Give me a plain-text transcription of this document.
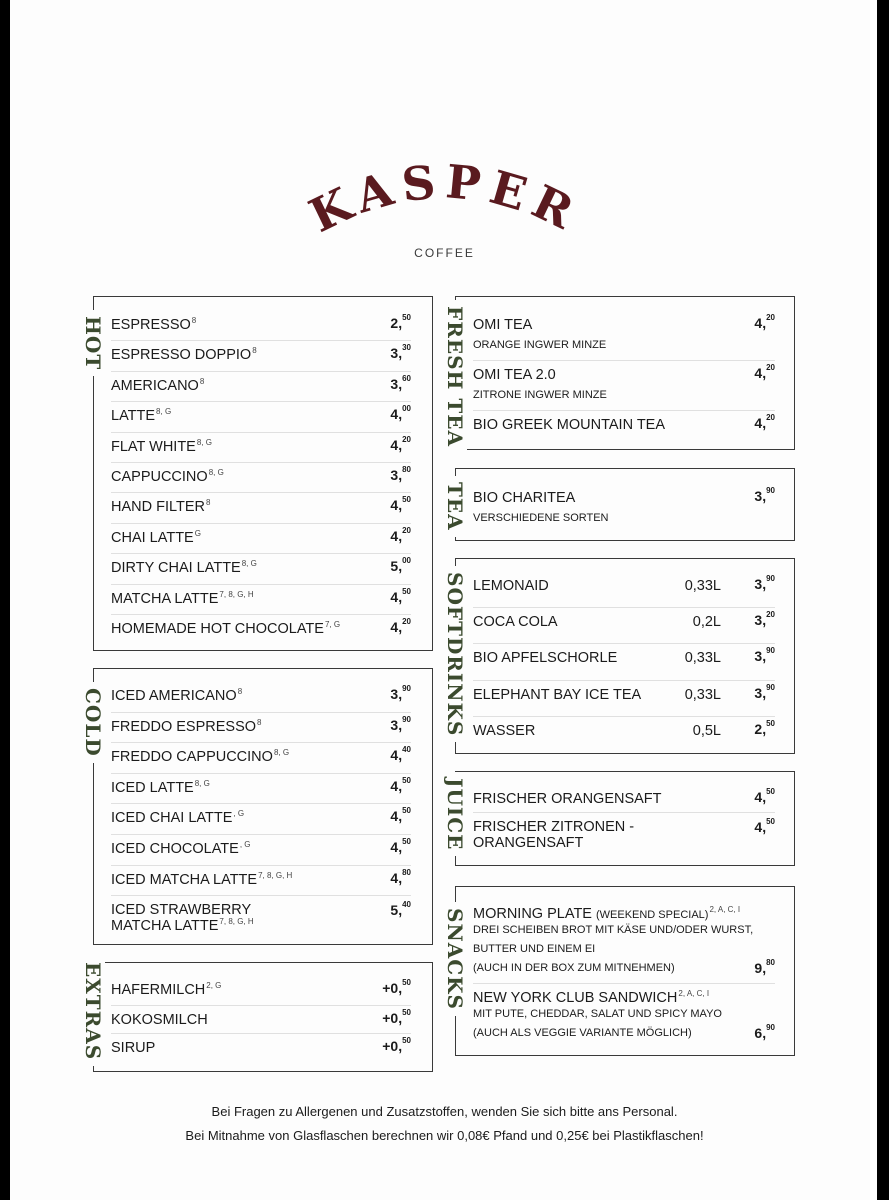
KASPER
COFFEE
HOT
COLD
EXTRAS
FRESH TEA
TEA
SOFTDRINKS
JUICE
SNACKS
ESPRESSO$^8$	2,50
ESPRESSO DOPPIO$^8$	3,30
AMERICANO$^8$	3,60
$LATTE^{8, G}$	4,00
FLAT $WHITE^{8, G}$	4,20
$CAPPUCCINO^{8, G}$	3,80
HAND FILTER$^8$	4,50
CHAI $LATTE^G$	4,20
DIRTY CHAI $LATTE^{8, G}$	5,00
MATCHA $LATTE^{7, 8, G, H}$	4,50
HOMEMADE HOT $CHOCOLATE^{7, G}$	4,20
ICED AMERICANO$^8$	3,90
FREDDO ESPRESSO$^8$	3,90
FREDDO $CAPPUCCINO^{8, G}$	4,40
ICED $LATTE^{8, G}$	4,50
ICED CHAI $LATTE^{, G}$	4,50
ICED $CHOCOLATE^{, G}$	4,50
ICED MATCHA $LATTE^{7, 8, G, H}$	4,80
ICED STRAWBERRY
MATCHA $LATTE^{7, 8, G, H}$
5,40
$HAFERMILCH^{2, G}$	+0,50
KOKOSMILCH	+0,50
SIRUP	+0,50
OMI TEA
ORANGE INGWER MINZE
4,20
OMI TEA 2.0
ZITRONE INGWER MINZE
4,20
BIO GREEK MOUNTAIN TEA	4,20
BIO CHARITEA
VERSCHIEDENE SORTEN
3,90
LEMONAID	0,33L 3,90
COCA COLA	0,2L 3,20
BIO APFELSCHORLE	0,33L 3,90
ELEPHANT BAY ICE TEA	0,33L 3,90
WASSER	0,5L 2,50
FRISCHER ORANGENSAFT	4,50
FRISCHER ZITRONEN -
ORANGENSAFT
4,50
MORNING PLATE (WEEKEND SPECIAL)$^{2, A, C, I}$
DREI SCHEIBEN BROT MIT KÄSE UND/ODER WURST,
BUTTER UND EINEM EI
(AUCH IN DER BOX ZUM MITNEHMEN)	9,80
NEW YORK CLUB $SANDWICH^{2, A, C, I}$
MIT PUTE, CHEDDAR, SALAT UND SPICY MAYO
(AUCH ALS VEGGIE VARIANTE MÖGLICH)	6,90
Bei Fragen zu Allergenen und Zusatzstoffen, wenden Sie sich bitte ans Personal.
Bei Mitnahme von Glasflaschen berechnen wir 0,08€ Pfand und 0,25€ bei Plastikflaschen!
